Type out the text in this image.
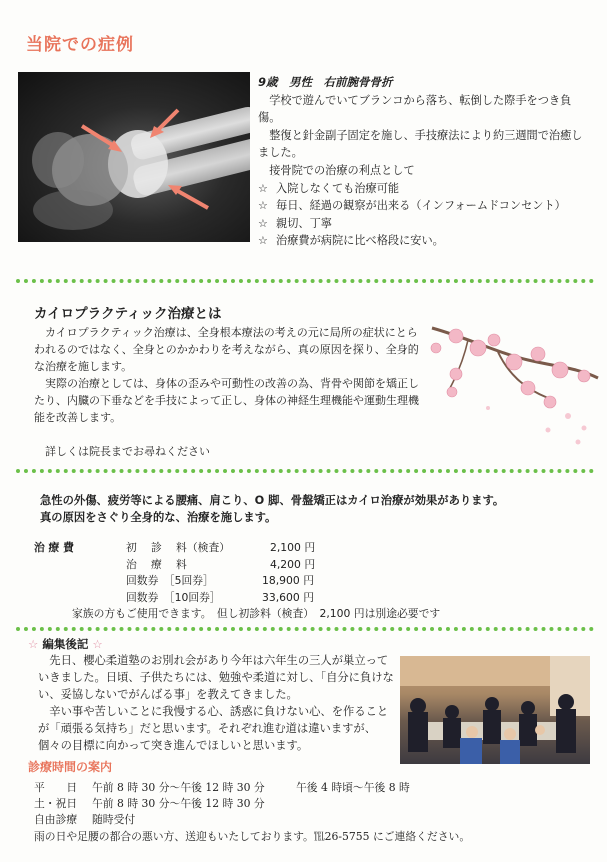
当院での症例

9歳　男性　右前腕骨骨折

学校で遊んでいてブランコから落ち、転倒した際手をつき負傷。

整復と針金副子固定を施し、手技療法により約三週間で治癒しました。

接骨院での治療の利点として

☆ 入院しなくても治療可能

☆ 毎日、経過の観察が出来る（インフォームドコンセント）

☆ 親切、丁寧

☆ 治療費が病院に比べ格段に安い。

カイロプラクティック治療とは

カイロプラクティック治療は、全身根本療法の考えの元に局所の症状にとらわれるのではなく、全身とのかかわりを考えながら、真の原因を探り、全身的な治療を施します。

実際の治療としては、身体の歪みや可動性の改善の為、背骨や関節を矯正したり、内臓の下垂などを手技によって正し、身体の神経生理機能や運動生理機能を改善します。

詳しくは院長までお尋ねください

急性の外傷、疲労等による腰痛、肩こり、O 脚、骨盤矯正はカイロ治療が効果があります。

真の原因をさぐり全身的な、治療を施します。

治 療 費	初　 診　 料（検査）	2,100 円
治　 療　 料	4,200 円
回数券　［5回券］	18,900 円
回数券　［10回券］	33,600 円
家族の方もご使用できます。　但し初診料（検査）　2,100 円は別途必要です
☆ 編集後記 ☆

先日、櫻心柔道塾のお別れ会があり今年は六年生の三人が巣立っていきました。日頃、子供たちには、勉強や柔道に対し、「自分に負けない、妥協しないでがんばる事」を教えてきました。

辛い事や苦しいことに我慢する心、誘惑に負けない心、を作ることが「頑張る気持ち」だと思います。それぞれ進む道は違いますが、個々の目標に向かって突き進んでほしいと思います。

診療時間の案内
平　　日 午前 8 時 30 分～午後 12 時 30 分	午後 4 時頃～午後 8 時
土・祝日 午前 8 時 30 分～午後 12 時 30 分
自由診療 随時受付
雨の日や足腰の都合の悪い方、送迎もいたしております。℡26-5755 にご連絡ください。
